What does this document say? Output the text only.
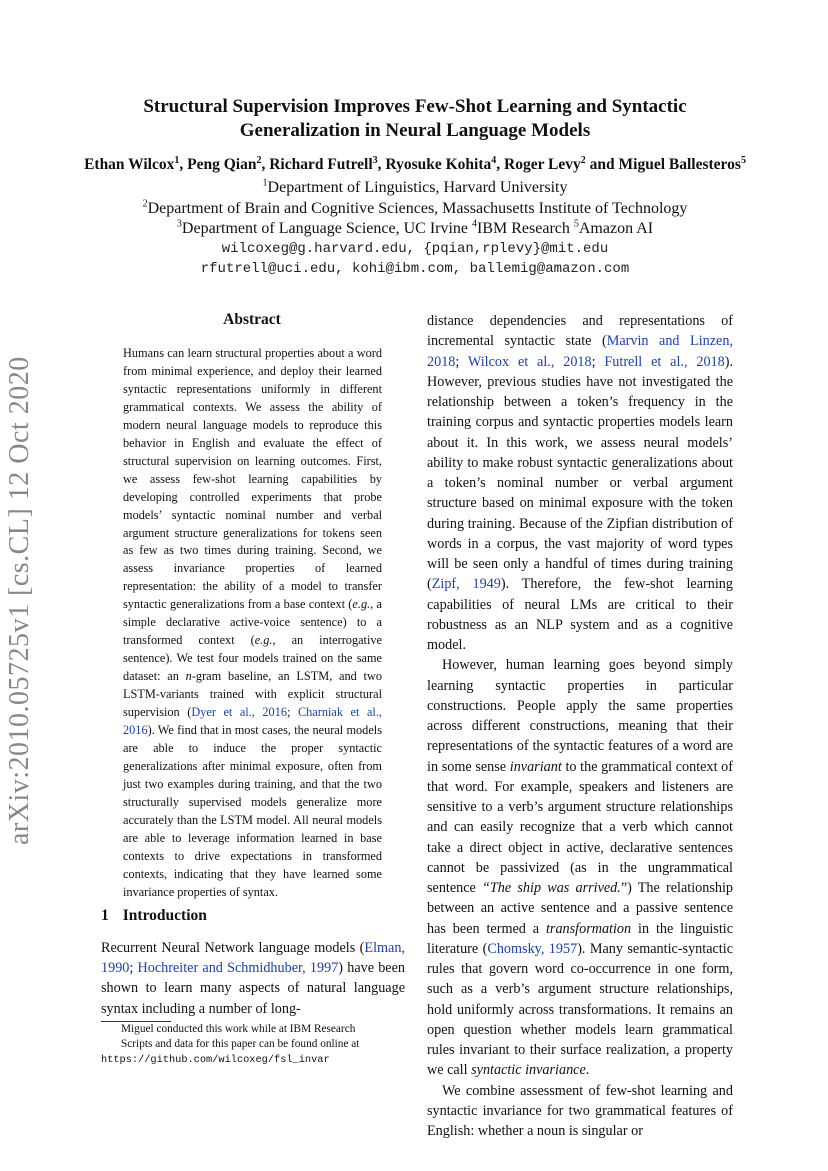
arXiv:2010.05725v1 [cs.CL] 12 Oct 2020
Structural Supervision Improves Few-Shot Learning and Syntactic
Generalization in Neural Language Models
Ethan Wilcox$^1$, Peng Qian$^2$, Richard Futrell$^3$, Ryosuke Kohita$^4$, Roger Levy$^2$ and Miguel Ballesteros$^5$
$^1$Department of Linguistics, Harvard University
$^2$Department of Brain and Cognitive Sciences, Massachusetts Institute of Technology
$^3$Department of Language Science, UC Irvine $^4$IBM Research $^5$Amazon AI
wilcoxeg@g.harvard.edu, {pqian,rplevy}@mit.edu
rfutrell@uci.edu, kohi@ibm.com, ballemig@amazon.com
Abstract
Humans can learn structural properties about a word from minimal experience, and deploy their learned syntactic representations uniformly in different grammatical contexts. We assess the ability of modern neural language models to reproduce this behavior in English and evaluate the effect of structural supervision on learning outcomes. First, we assess few-shot learning capabilities by developing controlled experiments that probe models’ syntactic nominal number and verbal argument structure generalizations for tokens seen as few as two times during training. Second, we assess invariance properties of learned representation: the ability of a model to transfer syntactic generalizations from a base context (e.g., a simple declarative active-voice sentence) to a transformed context (e.g., an interrogative sentence). We test four models trained on the same dataset: an n-gram baseline, an LSTM, and two LSTM-variants trained with explicit structural supervision (Dyer et al., 2016; Charniak et al., 2016). We find that in most cases, the neural models are able to induce the proper syntactic generalizations after minimal exposure, often from just two examples during training, and that the two structurally supervised models generalize more accurately than the LSTM model. All neural models are able to leverage information learned in base contexts to drive expectations in transformed contexts, indicating that they have learned some invariance properties of syntax.
1 Introduction
Recurrent Neural Network language models (Elman, 1990; Hochreiter and Schmidhuber, 1997) have been shown to learn many aspects of natural language syntax including a number of long-

Miguel conducted this work while at IBM Research

Scripts and data for this paper can be found online at

https://github.com/wilcoxeg/fsl_invar

distance dependencies and representations of incremental syntactic state (Marvin and Linzen, 2018; Wilcox et al., 2018; Futrell et al., 2018). However, previous studies have not investigated the relationship between a token’s frequency in the training corpus and syntactic properties models learn about it. In this work, we assess neural models’ ability to make robust syntactic generalizations about a token’s nominal number or verbal argument structure based on minimal exposure with the token during training. Because of the Zipfian distribution of words in a corpus, the vast majority of word types will be seen only a handful of times during training (Zipf, 1949). Therefore, the few-shot learning capabilities of neural LMs are critical to their robustness as an NLP system and as a cognitive model.

However, human learning goes beyond simply learning syntactic properties in particular constructions. People apply the same properties across different constructions, meaning that their representations of the syntactic features of a word are in some sense invariant to the grammatical context of that word. For example, speakers and listeners are sensitive to a verb’s argument structure relationships and can easily recognize that a verb which cannot take a direct object in active, declarative sentences cannot be passivized (as in the ungrammatical sentence “The ship was arrived.”) The relationship between an active sentence and a passive sentence has been termed a transformation in the linguistic literature (Chomsky, 1957). Many semantic-syntactic rules that govern word co-occurrence in one form, such as a verb’s argument structure relationships, hold uniformly across transformations. It remains an open question whether models learn grammatical rules invariant to their surface realization, a property we call syntactic invariance.

We combine assessment of few-shot learning and syntactic invariance for two grammatical features of English: whether a noun is singular or
